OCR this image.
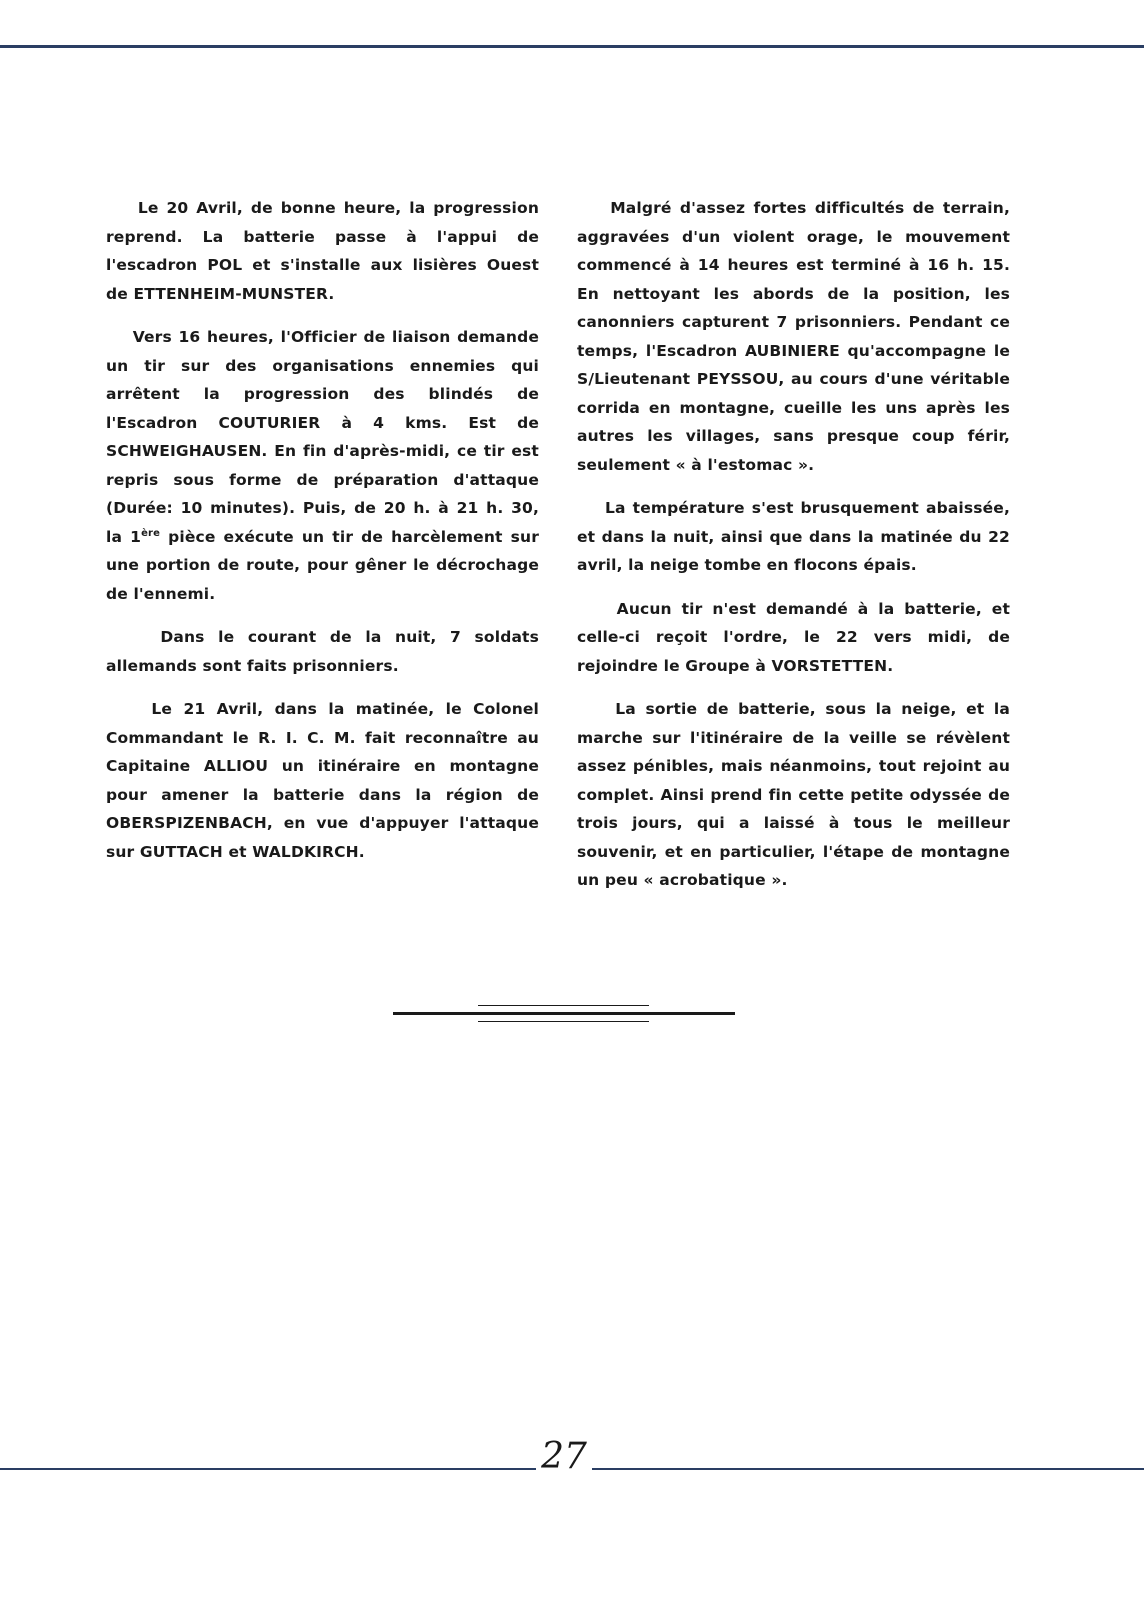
Le 20 Avril, de bonne heure, la progression reprend. La batterie passe à l'appui de l'escadron POL et s'installe aux lisières Ouest de ETTENHEIM-MUNSTER.

Vers 16 heures, l'Officier de liaison demande un tir sur des organisations ennemies qui arrêtent la progression des blindés de l'Escadron COUTURIER à 4 kms. Est de SCHWEIGHAUSEN. En fin d'après-midi, ce tir est repris sous forme de préparation d'attaque (Durée: 10 minutes). Puis, de 20 h. à 21 h. 30, la 1ère pièce exécute un tir de harcèlement sur une portion de route, pour gêner le décrochage de l'ennemi.

Dans le courant de la nuit, 7 soldats allemands sont faits prisonniers.

Le 21 Avril, dans la matinée, le Colonel Commandant le R. I. C. M. fait reconnaître au Capitaine ALLIOU un itinéraire en montagne pour amener la batterie dans la région de OBERSPIZENBACH, en vue d'appuyer l'attaque sur GUTTACH et WALDKIRCH.

Malgré d'assez fortes difficultés de terrain, aggravées d'un violent orage, le mouvement commencé à 14 heures est terminé à 16 h. 15. En nettoyant les abords de la position, les canonniers capturent 7 prisonniers. Pendant ce temps, l'Escadron AUBINIERE qu'accompagne le S/Lieutenant PEYSSOU, au cours d'une véritable corrida en montagne, cueille les uns après les autres les villages, sans presque coup férir, seulement « à l'estomac ».

La température s'est brusquement abaissée, et dans la nuit, ainsi que dans la matinée du 22 avril, la neige tombe en flocons épais.

Aucun tir n'est demandé à la batterie, et celle-ci reçoit l'ordre, le 22 vers midi, de rejoindre le Groupe à VORSTETTEN.

La sortie de batterie, sous la neige, et la marche sur l'itinéraire de la veille se révèlent assez pénibles, mais néanmoins, tout rejoint au complet. Ainsi prend fin cette petite odyssée de trois jours, qui a laissé à tous le meilleur souvenir, et en particulier, l'étape de montagne un peu « acrobatique ».

27
